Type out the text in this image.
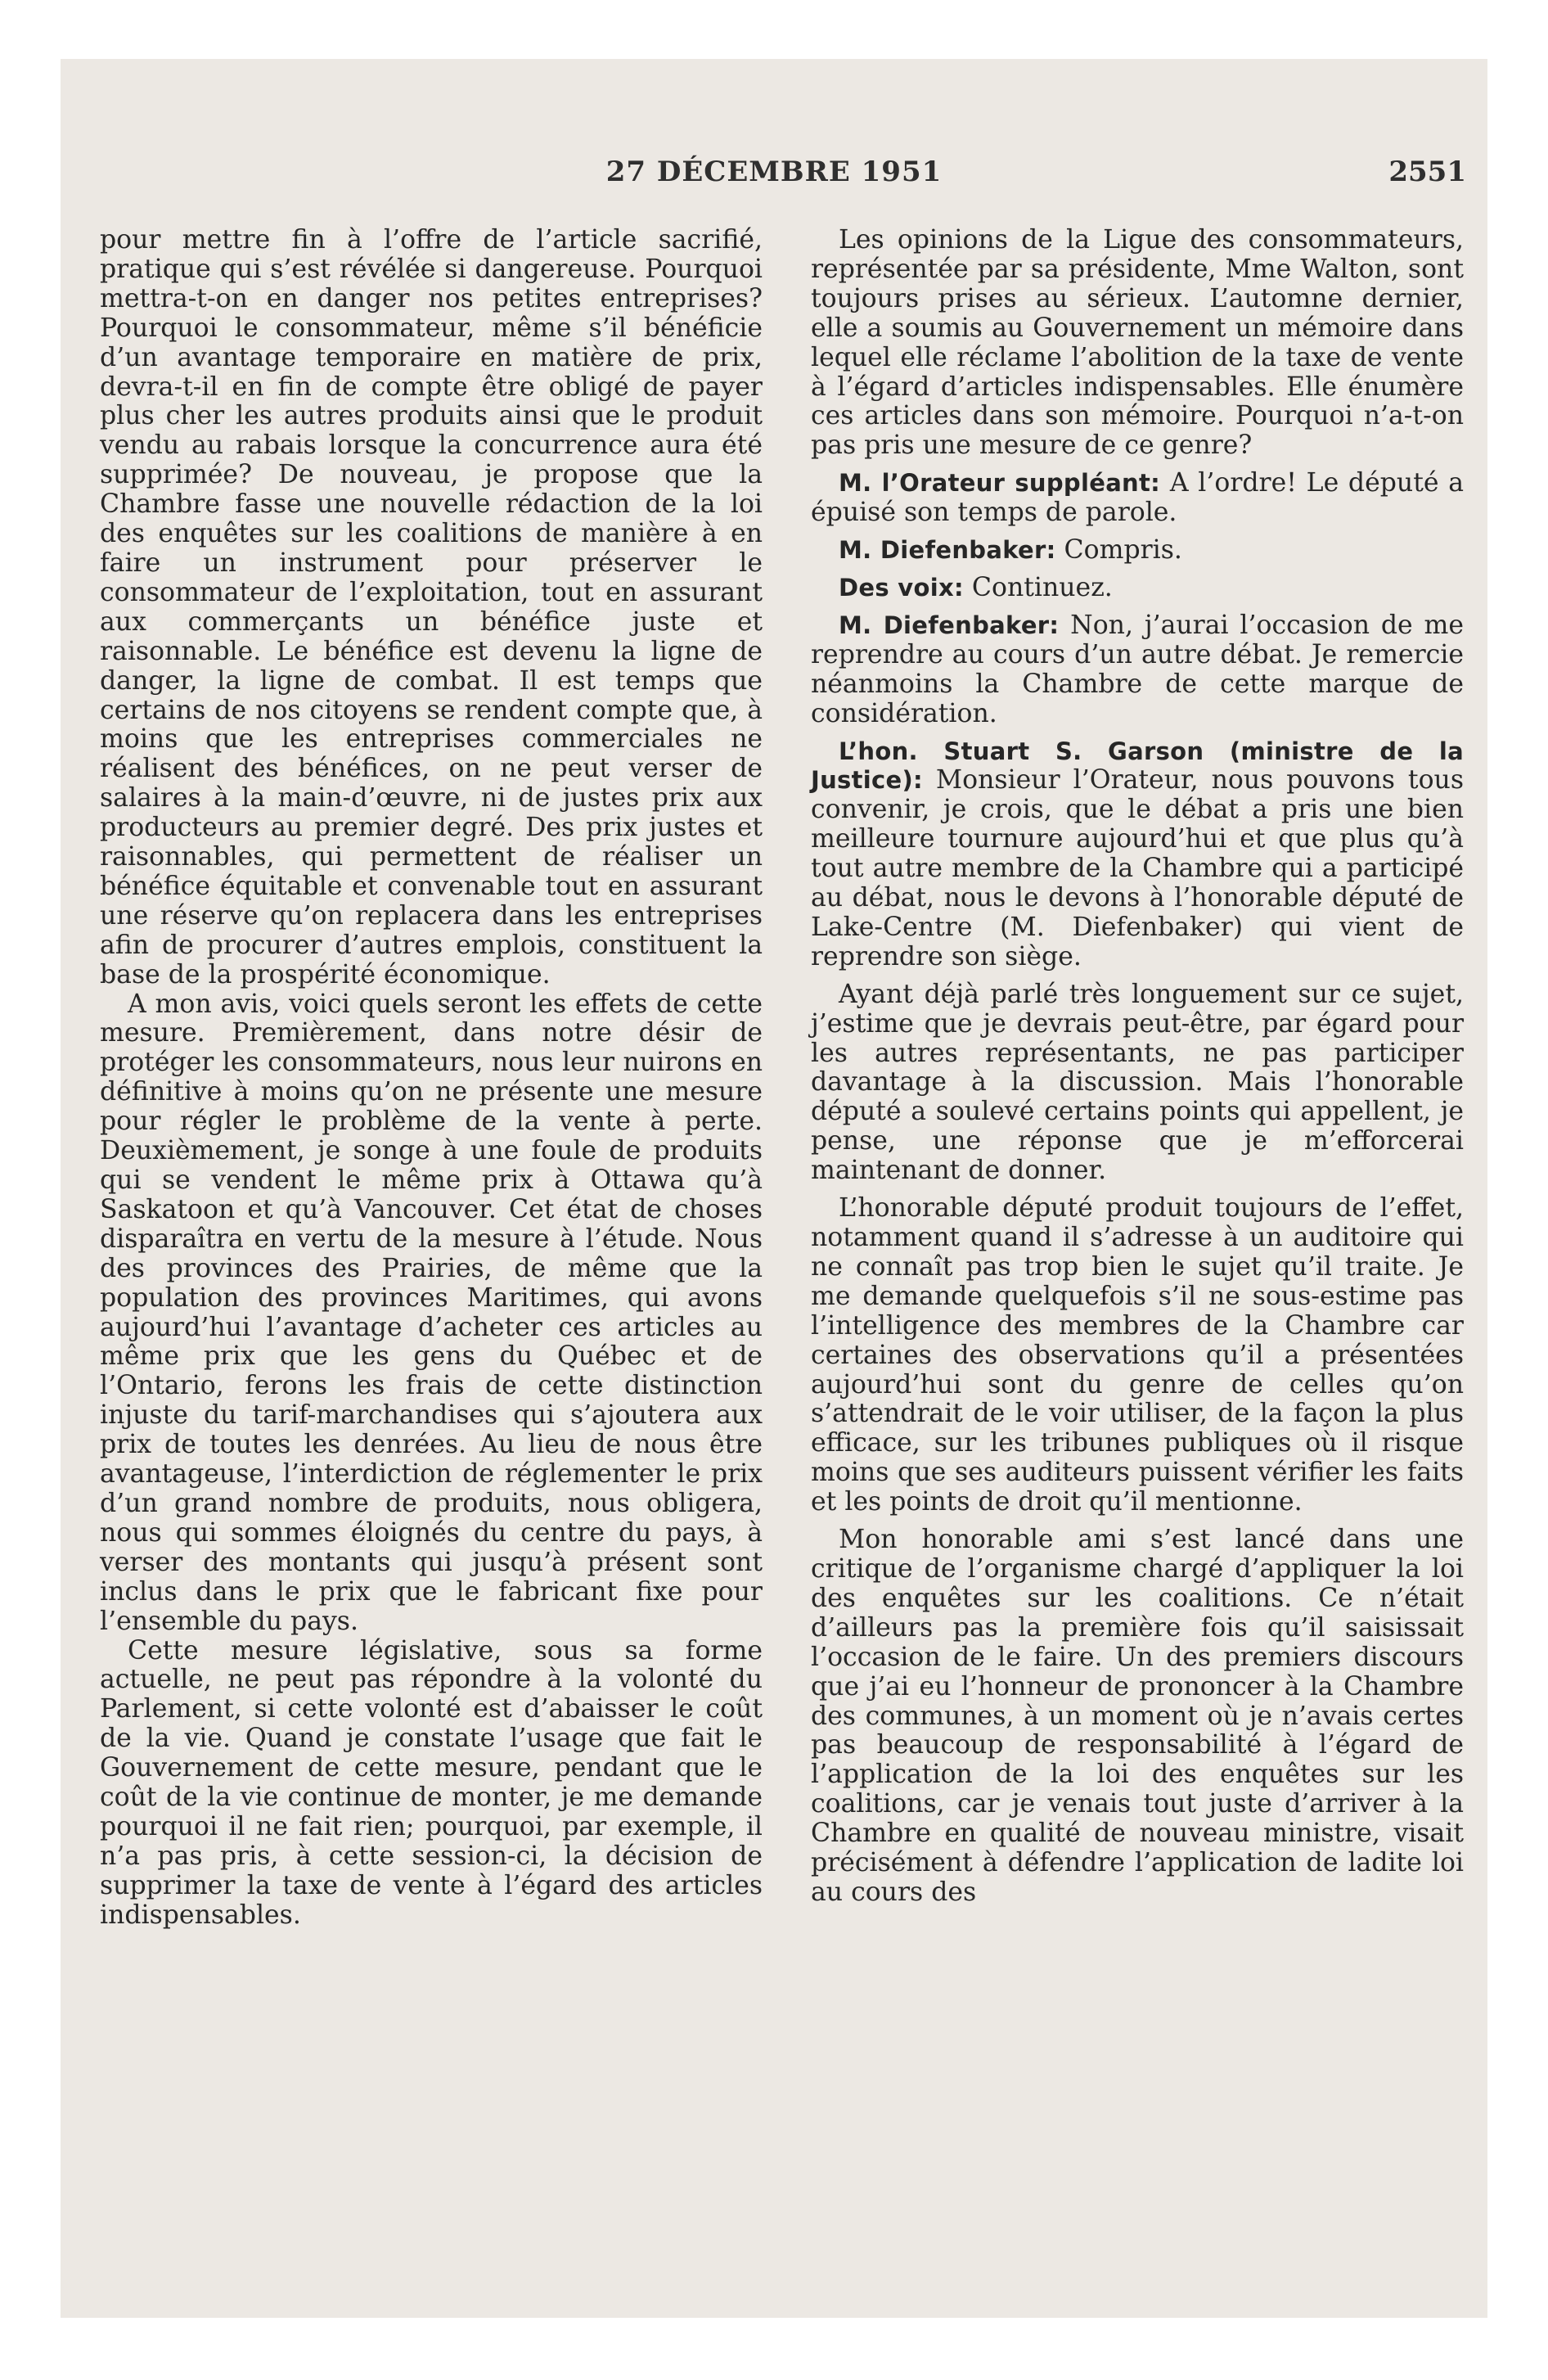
27 DÉCEMBRE 1951	2551

pour mettre fin à l’offre de l’article sacrifié, pratique qui s’est révélée si dangereuse. Pourquoi mettra-t-on en danger nos petites entreprises? Pourquoi le consommateur, même s’il bénéficie d’un avantage temporaire en matière de prix, devra-t-il en fin de compte être obligé de payer plus cher les autres produits ainsi que le produit vendu au rabais lorsque la concurrence aura été supprimée? De nouveau, je propose que la Chambre fasse une nouvelle rédaction de la loi des enquêtes sur les coalitions de manière à en faire un instrument pour préserver le consommateur de l’exploitation, tout en assurant aux commerçants un bénéfice juste et raisonnable. Le bénéfice est devenu la ligne de danger, la ligne de combat. Il est temps que certains de nos citoyens se rendent compte que, à moins que les entreprises commerciales ne réalisent des bénéfices, on ne peut verser de salaires à la main-d’œuvre, ni de justes prix aux producteurs au premier degré. Des prix justes et raisonnables, qui permettent de réaliser un bénéfice équitable et convenable tout en assurant une réserve qu’on replacera dans les entreprises afin de procurer d’autres emplois, constituent la base de la prospérité économique.

A mon avis, voici quels seront les effets de cette mesure. Premièrement, dans notre désir de protéger les consommateurs, nous leur nuirons en définitive à moins qu’on ne présente une mesure pour régler le problème de la vente à perte. Deuxièmement, je songe à une foule de produits qui se vendent le même prix à Ottawa qu’à Saskatoon et qu’à Vancouver. Cet état de choses disparaîtra en vertu de la mesure à l’étude. Nous des provinces des Prairies, de même que la population des provinces Maritimes, qui avons aujourd’hui l’avantage d’acheter ces articles au même prix que les gens du Québec et de l’Ontario, ferons les frais de cette distinction injuste du tarif-marchandises qui s’ajoutera aux prix de toutes les denrées. Au lieu de nous être avantageuse, l’interdiction de réglementer le prix d’un grand nombre de produits, nous obligera, nous qui sommes éloignés du centre du pays, à verser des montants qui jusqu’à présent sont inclus dans le prix que le fabricant fixe pour l’ensemble du pays.

Cette mesure législative, sous sa forme actuelle, ne peut pas répondre à la volonté du Parlement, si cette volonté est d’abaisser le coût de la vie. Quand je constate l’usage que fait le Gouvernement de cette mesure, pendant que le coût de la vie continue de monter, je me demande pourquoi il ne fait rien; pourquoi, par exemple, il n’a pas pris, à cette session-ci, la décision de supprimer la taxe de vente à l’égard des articles indispensables.

Les opinions de la Ligue des consommateurs, représentée par sa présidente, Mme Walton, sont toujours prises au sérieux. L’automne dernier, elle a soumis au Gouvernement un mémoire dans lequel elle réclame l’abolition de la taxe de vente à l’égard d’articles indispensables. Elle énumère ces articles dans son mémoire. Pourquoi n’a-t-on pas pris une mesure de ce genre?

M. l’Orateur suppléant: A l’ordre! Le député a épuisé son temps de parole.

M. Diefenbaker: Compris.

Des voix: Continuez.

M. Diefenbaker: Non, j’aurai l’occasion de me reprendre au cours d’un autre débat. Je remercie néanmoins la Chambre de cette marque de considération.

L’hon. Stuart S. Garson (ministre de la Justice): Monsieur l’Orateur, nous pouvons tous convenir, je crois, que le débat a pris une bien meilleure tournure aujourd’hui et que plus qu’à tout autre membre de la Chambre qui a participé au débat, nous le devons à l’honorable député de Lake-Centre (M. Diefenbaker) qui vient de reprendre son siège.

Ayant déjà parlé très longuement sur ce sujet, j’estime que je devrais peut-être, par égard pour les autres représentants, ne pas participer davantage à la discussion. Mais l’honorable député a soulevé certains points qui appellent, je pense, une réponse que je m’efforcerai maintenant de donner.

L’honorable député produit toujours de l’effet, notamment quand il s’adresse à un auditoire qui ne connaît pas trop bien le sujet qu’il traite. Je me demande quelquefois s’il ne sous-estime pas l’intelligence des membres de la Chambre car certaines des observations qu’il a présentées aujourd’hui sont du genre de celles qu’on s’attendrait de le voir utiliser, de la façon la plus efficace, sur les tribunes publiques où il risque moins que ses auditeurs puissent vérifier les faits et les points de droit qu’il mentionne.

Mon honorable ami s’est lancé dans une critique de l’organisme chargé d’appliquer la loi des enquêtes sur les coalitions. Ce n’était d’ailleurs pas la première fois qu’il saisissait l’occasion de le faire. Un des premiers discours que j’ai eu l’honneur de prononcer à la Chambre des communes, à un moment où je n’avais certes pas beaucoup de responsabilité à l’égard de l’application de la loi des enquêtes sur les coalitions, car je venais tout juste d’arriver à la Chambre en qualité de nouveau ministre, visait précisément à défendre l’application de ladite loi au cours des
